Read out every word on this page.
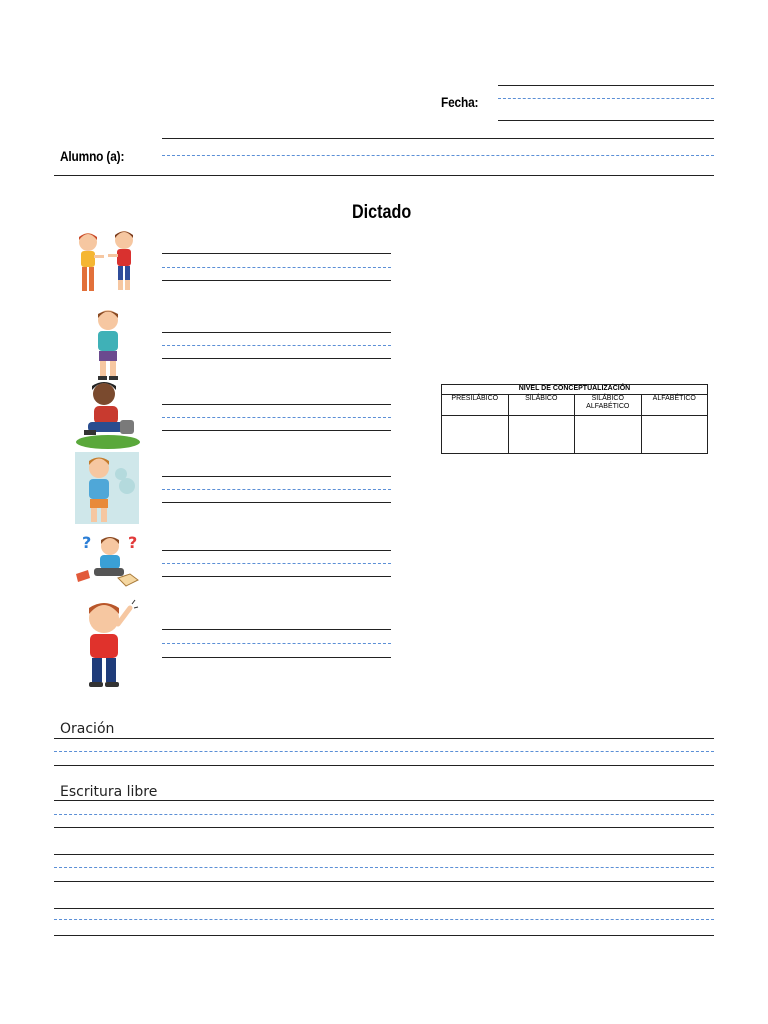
Fecha:
Alumno (a):
Dictado
? ?
NIVEL DE CONCEPTUALIZACIÓN			
PRESILÁBICO	SILÁBICO	SILÁBICO ALFABÉTICO	ALFABÉTICO

Oración
Escritura libre
